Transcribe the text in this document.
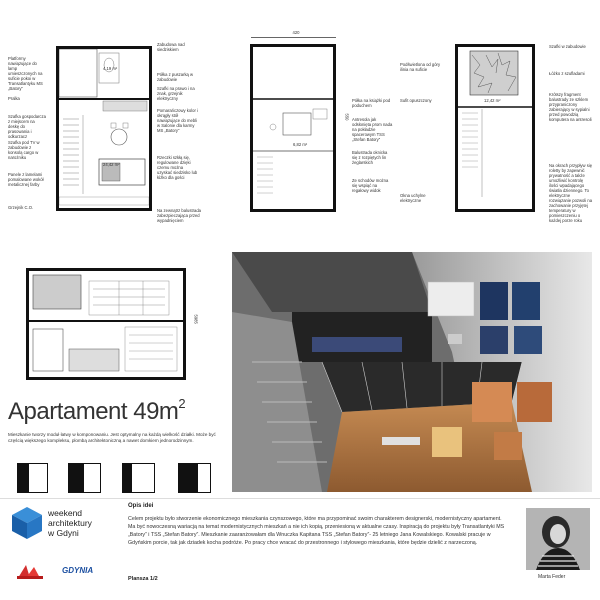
Platformy nawiązujące do lamp umieszczonych na suficie pokoi w Transatlantyku MS „Batory”
Pralka
Szafka gospodarcza z miejscem na deskę do prasowania i odkurzacz
Szafka pod TV w zabudowie z konsolą cargo w narożniku
Panele z lamelami pomalowane wokół metalicznej farby
Grzejnik C.O.
4,19 m²
24,42 m²
Zabudowa nad siedziskiem
Półka z puszarką w zabudowie
Szafki na prawo i na znak, grzejnik elektryczny
Pomarańczowy kolor i okrągły stół nawiązujące do mebli w Salonie dla karmy MS „Batory”
Rzeczki szkłą się, regulowane dzięki czemu można uzyskać siedzisko lub łóżko dla gości
Na zewnątrz balustrada zabezpieczająca przed wypadnięciem
420
550
6,82 m²
Półka na książki pod poduchem
Antresola jak odsłonięta prom nada na pokładzie spacerowym TSS „Stefan Batory”
Balustrada oknicka się z rozpiętych lin żeglarskich
Ze schodów można się wspiąć na regałowy widok
Podświetlona od góry ilinia na suficie
Sufit opuszczony
Okna uchylne elektryczne
12,42 m²
Szafki w zabudowie
Łóżko z szufladami
Krótszy fragment balustrady ze szklem przypraniczony zabierający w sypialni przed powodzią komputera na antresoli
Na okrach przypływ się roletty by zapewnić prywatność a także umożliwić kontrolę ilości wpadającego światła dziennego. To elektryczne rozwiązanie pozwoli na zachowanie przyjętej temperatury w pomieszczeniu o każdej porze roku
5985
Apartament $49m^2$
Mieszkanie tworzy moduł łatwy w komponowaniu. Jest optymalny na każdą wielkość działki. Może być częścią większego kompleksu, plombą architektoniczną a nawet domkiem jednorodzinnym.
weekend
architektury
w Gdyni
GDYNIA
Opis idei
Celem projektu było stworzenie ekonomicznego mieszkania czynszowego, które ma przypominać swoim charakterem designerski, modernistyczny apartament. Ma być nowoczesną wariacją na temat modernistycznych mieszkań a nie ich kopią, przeniesioną w aktualne czasy. Inspiracją do projektu były Transatlantyki MS „Batory” i TSS „Stefan Batory”. Mieszkanie zaaranżowałam dla Wnuczka Kapitana TSS „Stefan Batory”- 25 letniego Jana Kowalskiego. Kowalski pracuje w Gdyńskim porcie, tak jak dziadek kocha podróże. Po pracy chce wracać do przestronnego i stylowego mieszkania, które będzie dzielić z narzeczoną.
Plansza 1/2	Marta Feder
